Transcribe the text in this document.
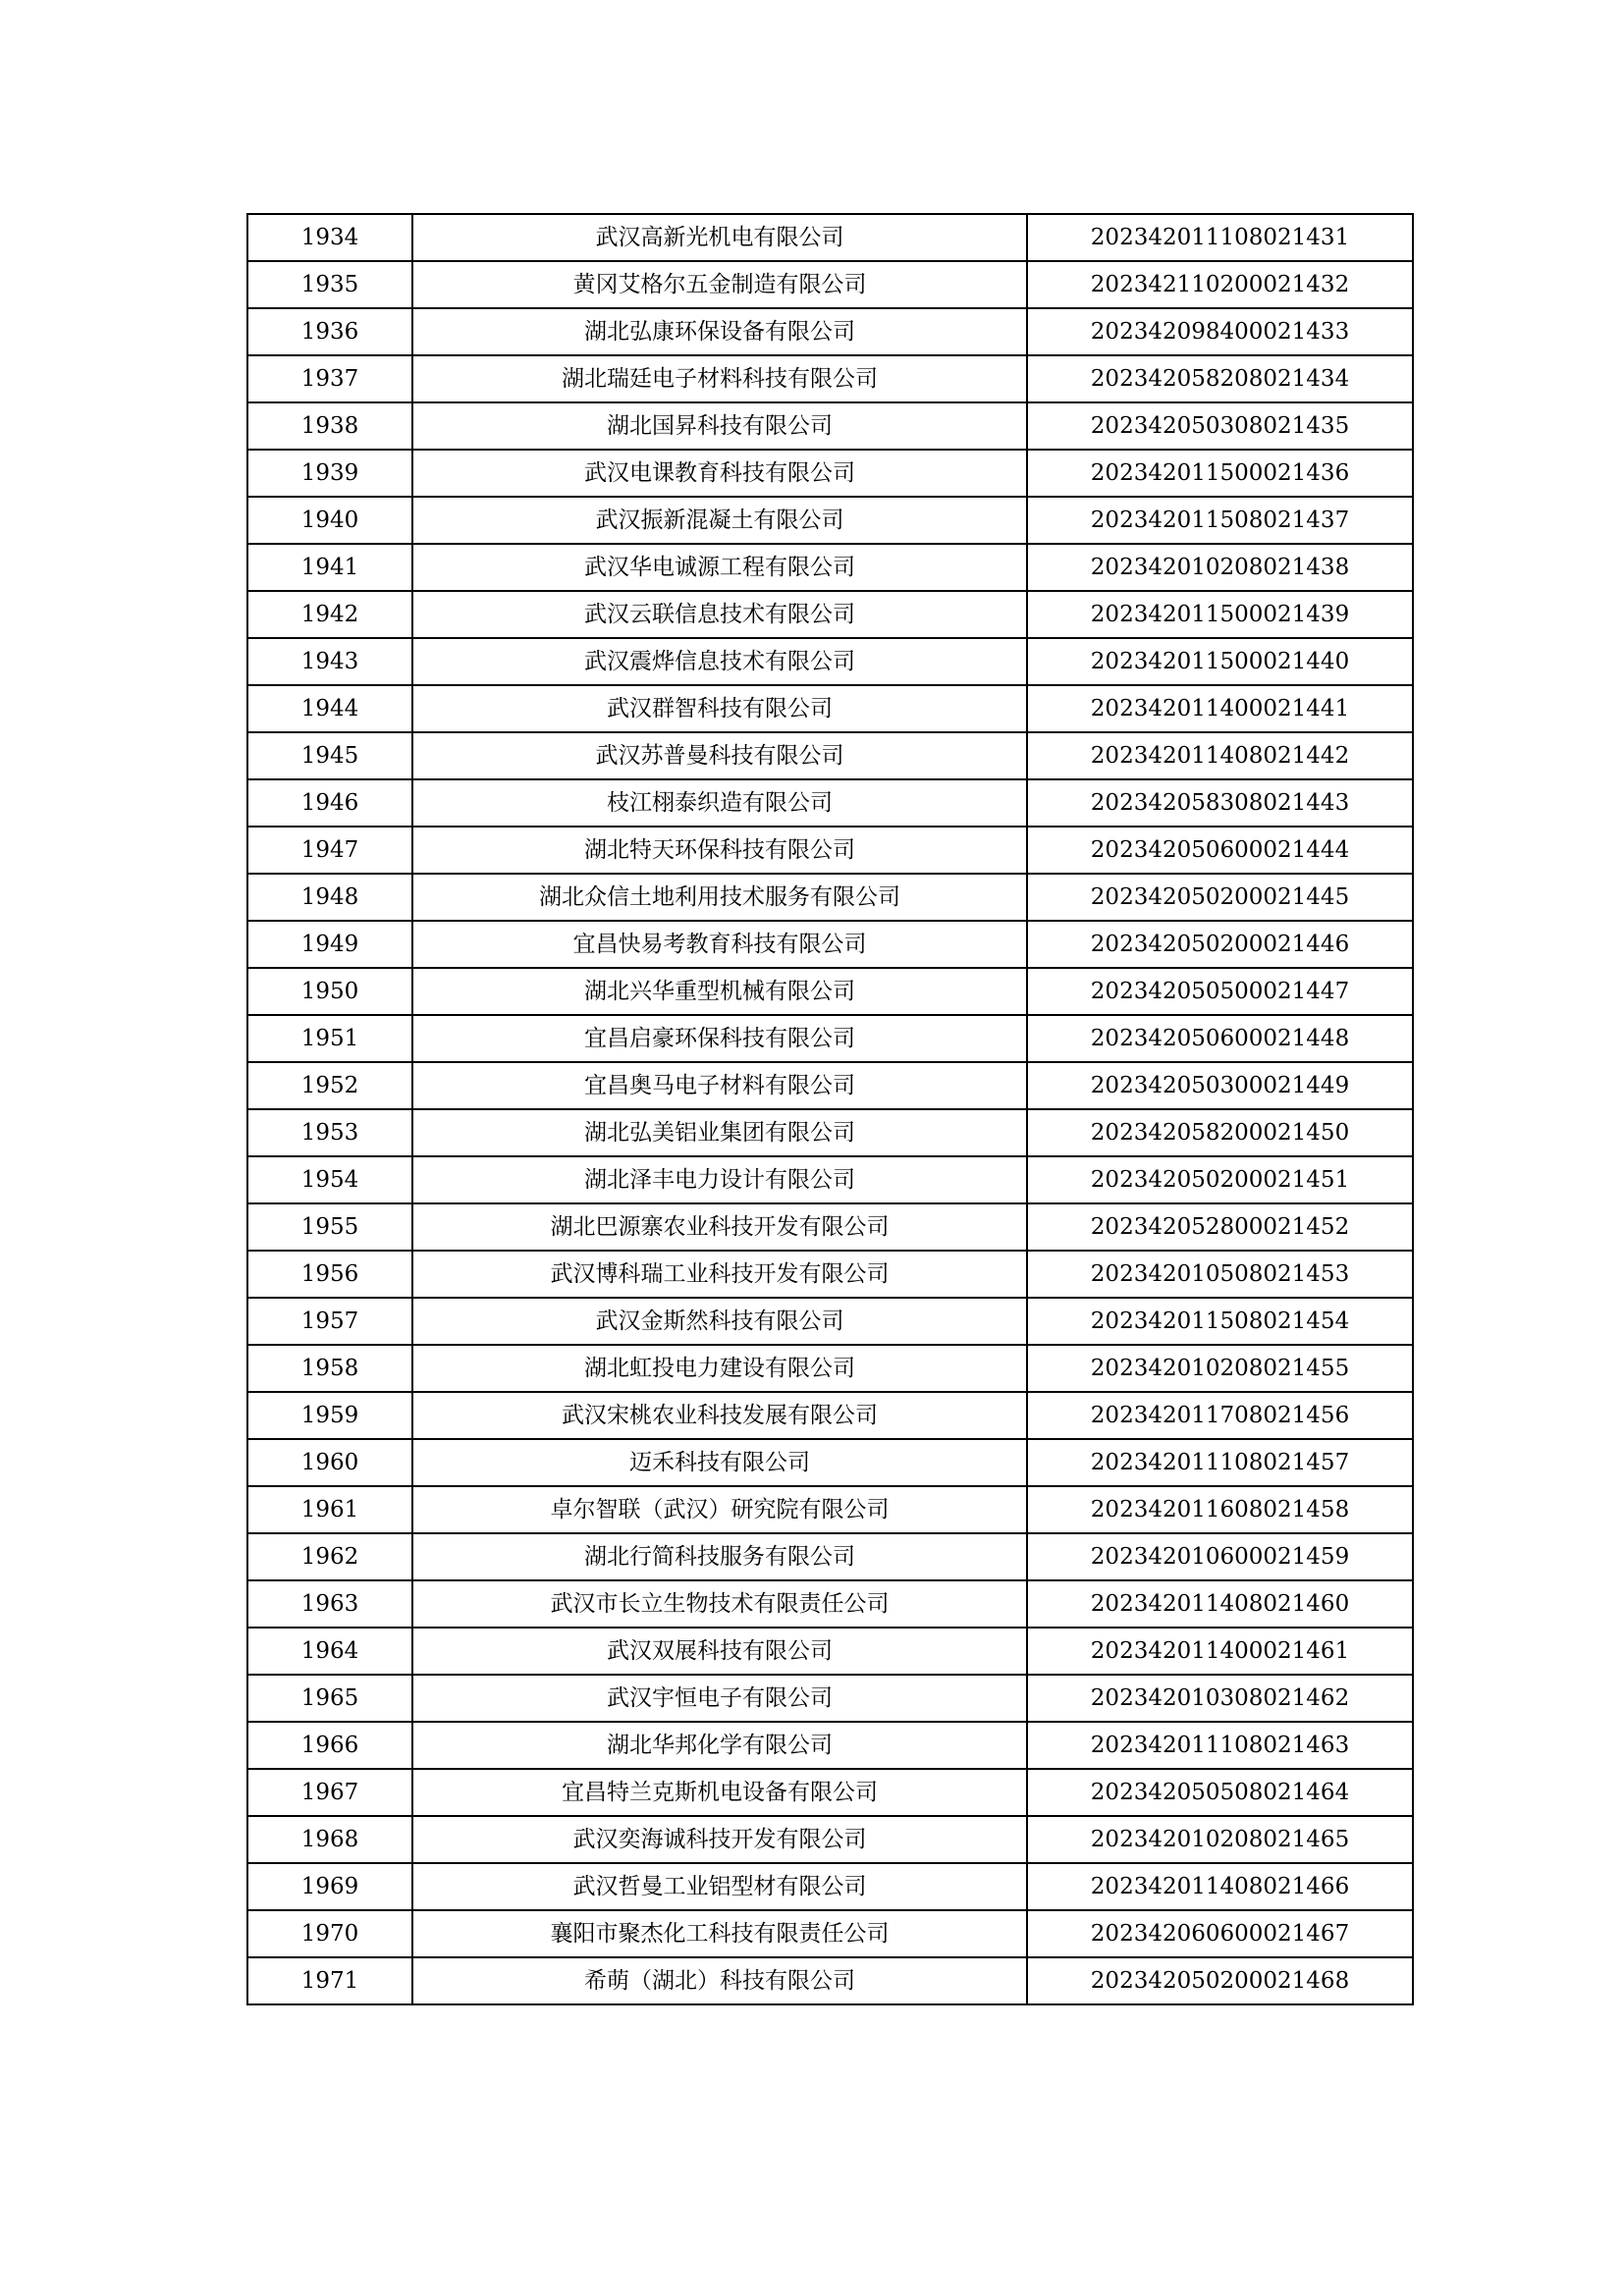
1934	武汉高新光机电有限公司	202342011108021431
1935	黄冈艾格尔五金制造有限公司	202342110200021432
1936	湖北弘康环保设备有限公司	202342098400021433
1937	湖北瑞廷电子材料科技有限公司	202342058208021434
1938	湖北国昇科技有限公司	202342050308021435
1939	武汉电课教育科技有限公司	202342011500021436
1940	武汉振新混凝土有限公司	202342011508021437
1941	武汉华电诚源工程有限公司	202342010208021438
1942	武汉云联信息技术有限公司	202342011500021439
1943	武汉震烨信息技术有限公司	202342011500021440
1944	武汉群智科技有限公司	202342011400021441
1945	武汉苏普曼科技有限公司	202342011408021442
1946	枝江栩泰织造有限公司	202342058308021443
1947	湖北特天环保科技有限公司	202342050600021444
1948	湖北众信土地利用技术服务有限公司	202342050200021445
1949	宜昌快易考教育科技有限公司	202342050200021446
1950	湖北兴华重型机械有限公司	202342050500021447
1951	宜昌启豪环保科技有限公司	202342050600021448
1952	宜昌奥马电子材料有限公司	202342050300021449
1953	湖北弘美铝业集团有限公司	202342058200021450
1954	湖北泽丰电力设计有限公司	202342050200021451
1955	湖北巴源寨农业科技开发有限公司	202342052800021452
1956	武汉博科瑞工业科技开发有限公司	202342010508021453
1957	武汉金斯然科技有限公司	202342011508021454
1958	湖北虹投电力建设有限公司	202342010208021455
1959	武汉宋桃农业科技发展有限公司	202342011708021456
1960	迈禾科技有限公司	202342011108021457
1961	卓尔智联（武汉）研究院有限公司	202342011608021458
1962	湖北行简科技服务有限公司	202342010600021459
1963	武汉市长立生物技术有限责任公司	202342011408021460
1964	武汉双展科技有限公司	202342011400021461
1965	武汉宇恒电子有限公司	202342010308021462
1966	湖北华邦化学有限公司	202342011108021463
1967	宜昌特兰克斯机电设备有限公司	202342050508021464
1968	武汉奕海诚科技开发有限公司	202342010208021465
1969	武汉哲曼工业铝型材有限公司	202342011408021466
1970	襄阳市聚杰化工科技有限责任公司	202342060600021467
1971	希萌（湖北）科技有限公司	202342050200021468
